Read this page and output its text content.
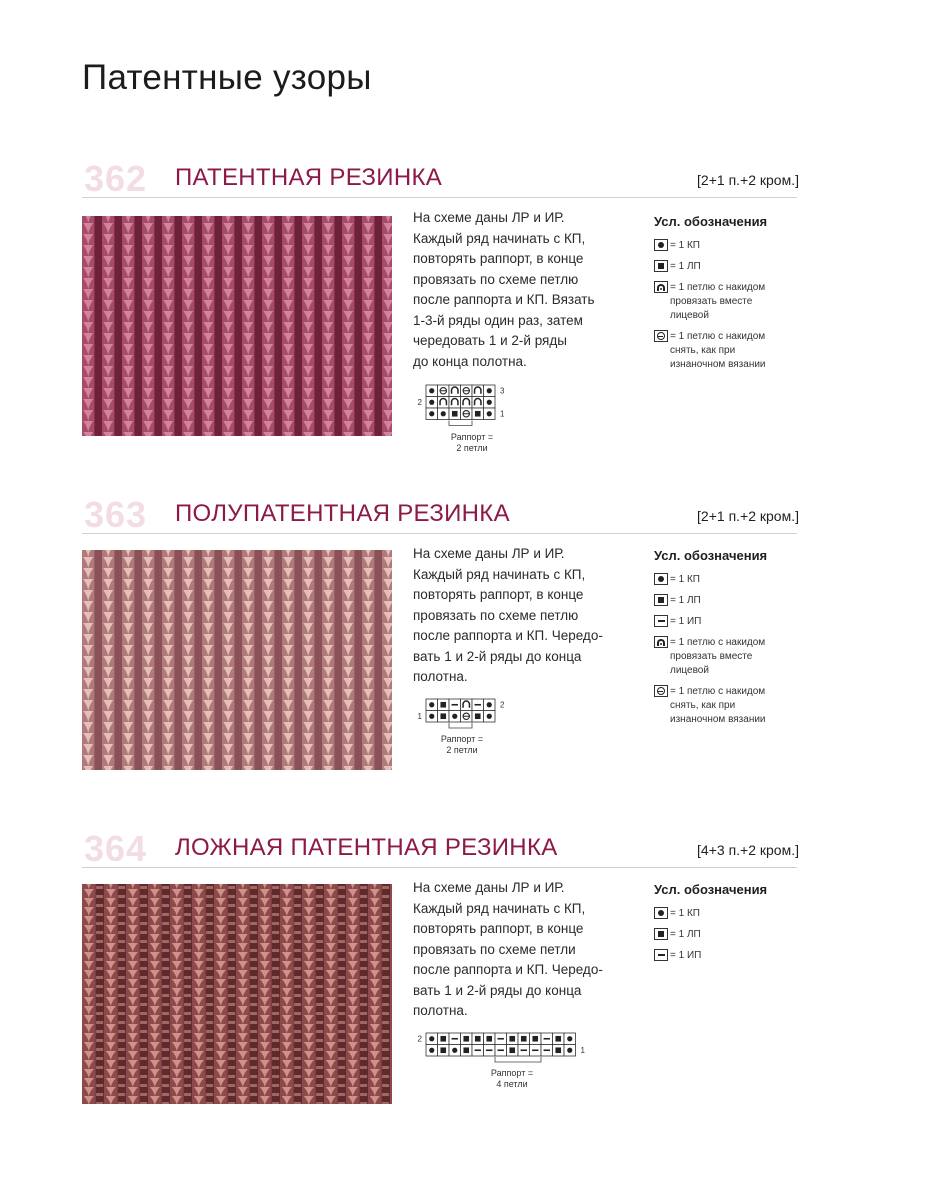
Патентные узоры
362 ПАТЕНТНАЯ РЕЗИНКА	[2+1 п.+2 кром.]
На схеме даны ЛР и ИР.
Каждый ряд начинать с КП,
повторять раппорт, в конце
провязать по схеме петлю
после раппорта и КП. Вязать
1-3-й ряды один раз, затем
чередовать 1 и 2-й ряды
до конца полотна.
3
2
1
Раппорт =
2 петли
Усл. обозначения
= 1 КП
= 1 ЛП
= 1 петлю с накидом
провязать вместе
лицевой
= 1 петлю с накидом
снять, как при
изнаночном вязании
363 ПОЛУПАТЕНТНАЯ РЕЗИНКА	[2+1 п.+2 кром.]
На схеме даны ЛР и ИР.
Каждый ряд начинать с КП,
повторять раппорт, в конце
провязать по схеме петлю
после раппорта и КП. Чередо-
вать 1 и 2-й ряды до конца
полотна.
2
1
Раппорт =
2 петли
Усл. обозначения
= 1 КП
= 1 ЛП
= 1 ИП
= 1 петлю с накидом
провязать вместе
лицевой
= 1 петлю с накидом
снять, как при
изнаночном вязании
364 ЛОЖНАЯ ПАТЕНТНАЯ РЕЗИНКА	[4+3 п.+2 кром.]
На схеме даны ЛР и ИР.
Каждый ряд начинать с КП,
повторять раппорт, в конце
провязать по схеме петли
после раппорта и КП. Чередо-
вать 1 и 2-й ряды до конца
полотна.
2
1
Раппорт =
4 петли
Усл. обозначения
= 1 КП
= 1 ЛП
= 1 ИП
